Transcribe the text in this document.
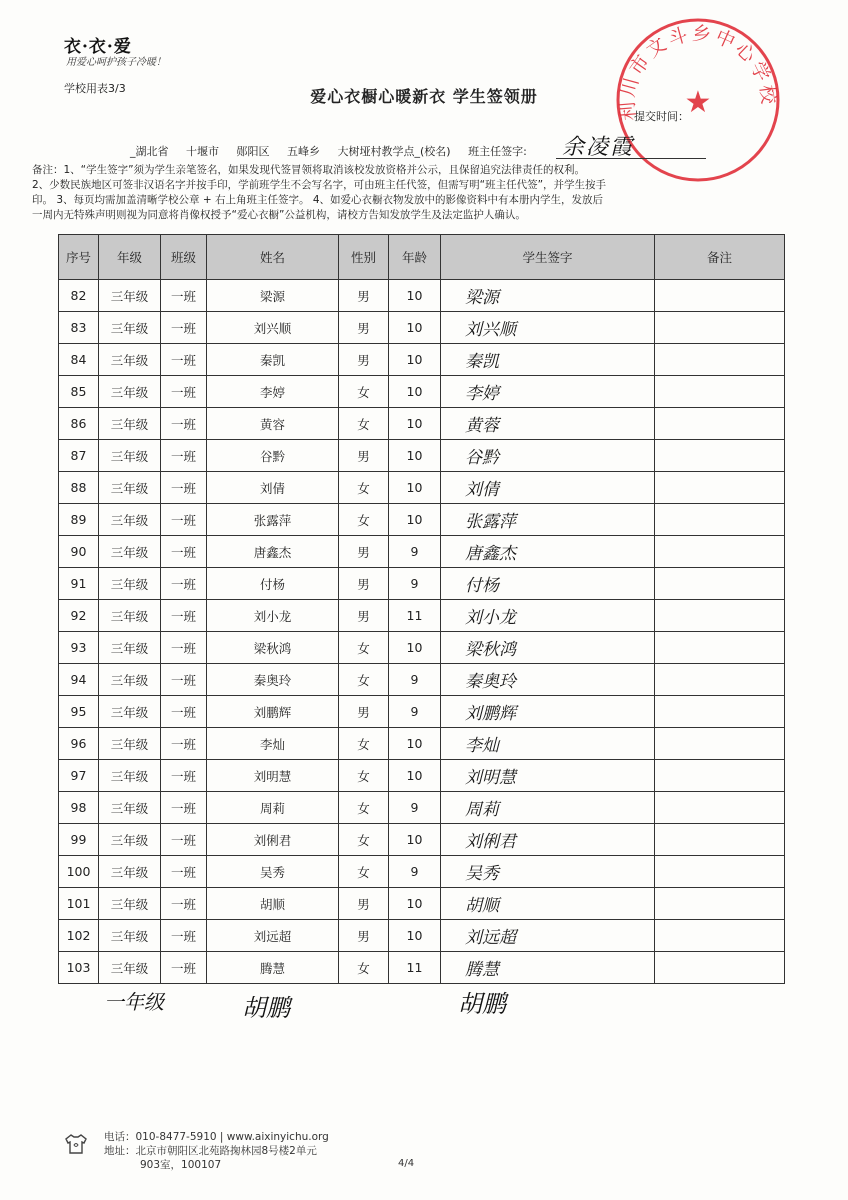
衣·衣·爱
用爱心呵护孩子冷暖！
学校用表3/3	爱心衣橱心暖新衣 学生签领册
提交时间：
★
利川市文斗乡中心学校
_湖北省 十堰市 郧阳区 五峰乡 大树垭村教学点_(校名) 班主任签字:	余凌霞

备注：1、“学生签字”须为学生亲笔签名，如果发现代签冒领将取消该校发放资格并公示，且保留追究法律责任的权利。

2、少数民族地区可签非汉语名字并按手印，学前班学生不会写名字，可由班主任代签，但需写明“班主任代签”，并学生按手

印。 3、每页均需加盖清晰学校公章 + 右上角班主任签字。 4、如爱心衣橱衣物发放中的影像资料中有本册内学生，发放后

一周内无特殊声明则视为同意将肖像权授予“爱心衣橱”公益机构，请校方告知发放学生及法定监护人确认。

序号	年级	班级	姓名	性别	年龄	学生签字	备注
82	三年级	一班	梁源	男	10	梁源	
83	三年级	一班	刘兴顺	男	10	刘兴顺	
84	三年级	一班	秦凯	男	10	秦凯	
85	三年级	一班	李婷	女	10	李婷	
86	三年级	一班	黄容	女	10	黄蓉	
87	三年级	一班	谷黔	男	10	谷黔	
88	三年级	一班	刘倩	女	10	刘倩	
89	三年级	一班	张露萍	女	10	张露萍	
90	三年级	一班	唐鑫杰	男	9	唐鑫杰	
91	三年级	一班	付杨	男	9	付杨	
92	三年级	一班	刘小龙	男	11	刘小龙	
93	三年级	一班	梁秋鸿	女	10	梁秋鸿	
94	三年级	一班	秦奥玲	女	9	秦奥玲	
95	三年级	一班	刘鹏辉	男	9	刘鹏辉	
96	三年级	一班	李灿	女	10	李灿	
97	三年级	一班	刘明慧	女	10	刘明慧	
98	三年级	一班	周莉	女	9	周莉	
99	三年级	一班	刘俐君	女	10	刘俐君	
100	三年级	一班	吴秀	女	9	吴秀	
101	三年级	一班	胡顺	男	10	胡顺	
102	三年级	一班	刘远超	男	10	刘远超	
103	三年级	一班	腾慧	女	11	腾慧	
一年级	胡鹏	胡鹏

电话：010-8477-5910 | www.aixinyichu.org

地址：北京市朝阳区北苑路掬林园8号楼2单元

903室，100107	4/4
